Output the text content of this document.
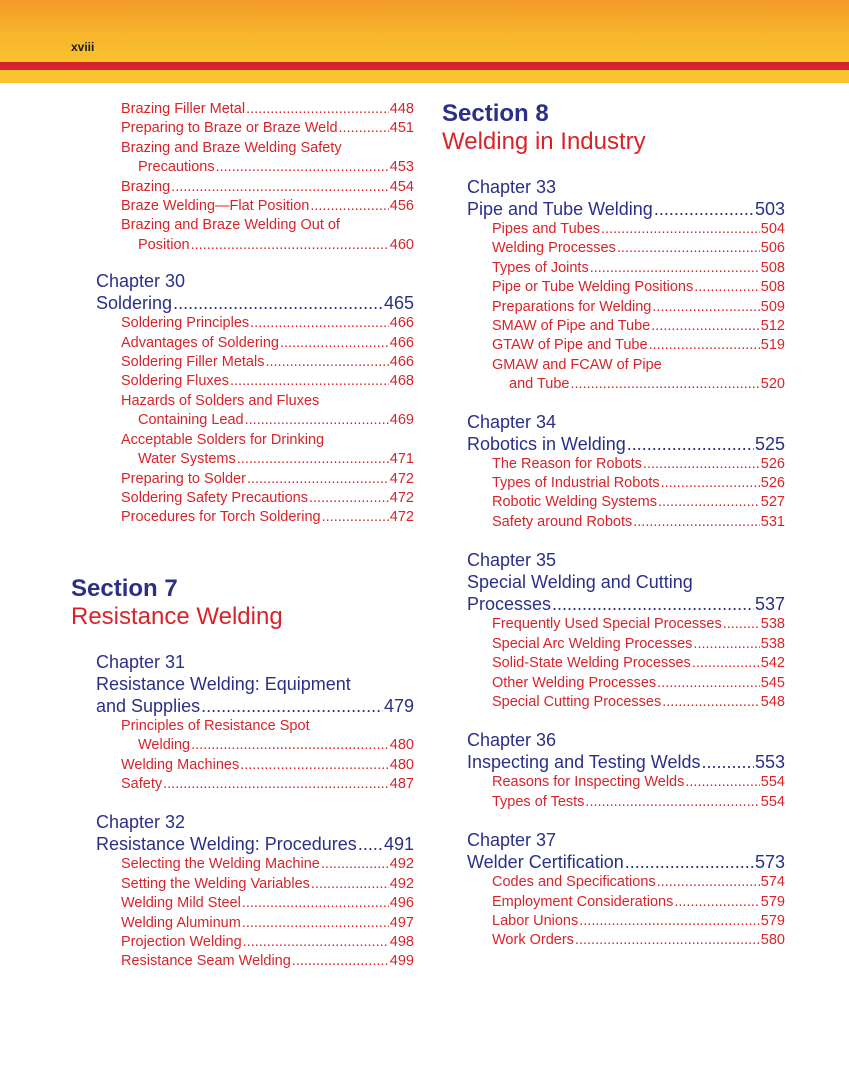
xviii
Brazing Filler Metal .....	448
Preparing to Braze or Braze Weld .....	451
Brazing and Braze Welding Safety
Precautions .....	453
Brazing .....	454
Braze Welding—Flat Position .....	456
Brazing and Braze Welding Out of
Position .....	460
Chapter 30
Soldering .....	465
Soldering Principles .....	466
Advantages of Soldering .....	466
Soldering Filler Metals .....	466
Soldering Fluxes .....	468
Hazards of Solders and Fluxes
Containing Lead .....	469
Acceptable Solders for Drinking
Water Systems .....	471
Preparing to Solder .....	472
Soldering Safety Precautions .....	472
Procedures for Torch Soldering .....	472
Section 7
Resistance Welding
Chapter 31
Resistance Welding: Equipment
and Supplies .....	479
Principles of Resistance Spot
Welding .....	480
Welding Machines .....	480
Safety .....	487
Chapter 32
Resistance Welding: Procedures ..... 491
Selecting the Welding Machine .....	492
Setting the Welding Variables .....	492
Welding Mild Steel .....	496
Welding Aluminum .....	497
Projection Welding .....	498
Resistance Seam Welding .....	499
Section 8
Welding in Industry
Chapter 33
Pipe and Tube Welding .....	503
Pipes and Tubes .....	504
Welding Processes .....	506
Types of Joints .....	508
Pipe or Tube Welding Positions .....	508
Preparations for Welding .....	509
SMAW of Pipe and Tube .....	512
GTAW of Pipe and Tube .....	519
GMAW and FCAW of Pipe
and Tube .....	520
Chapter 34
Robotics in Welding .....	525
The Reason for Robots .....	526
Types of Industrial Robots .....	526
Robotic Welding Systems .....	527
Safety around Robots .....	531
Chapter 35
Special Welding and Cutting
Processes .....	537
Frequently Used Special Processes .....	538
Special Arc Welding Processes .....	538
Solid-State Welding Processes .....	542
Other Welding Processes .....	545
Special Cutting Processes .....	548
Chapter 36
Inspecting and Testing Welds .....	553
Reasons for Inspecting Welds .....	554
Types of Tests .....	554
Chapter 37
Welder Certification .....	573
Codes and Specifications .....	574
Employment Considerations .....	579
Labor Unions .....	579
Work Orders .....	580
